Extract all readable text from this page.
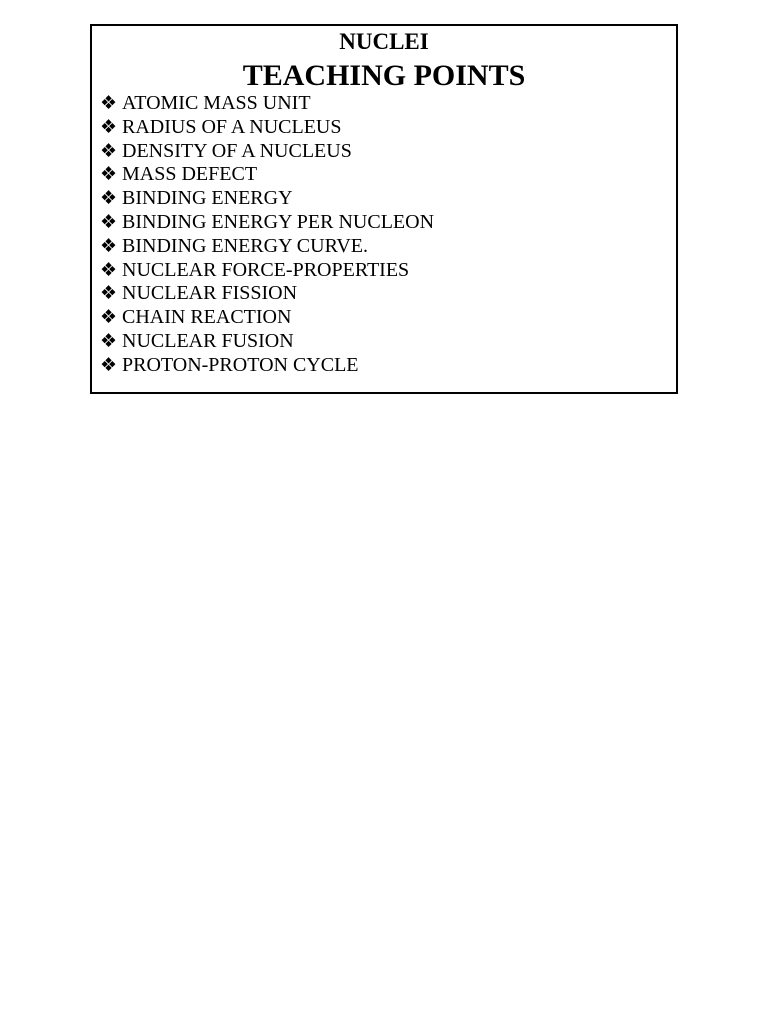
NUCLEI
TEACHING POINTS
❖ ATOMIC MASS UNIT
❖ RADIUS OF A NUCLEUS
❖ DENSITY OF A NUCLEUS
❖ MASS DEFECT
❖ BINDING ENERGY
❖ BINDING ENERGY PER NUCLEON
❖ BINDING ENERGY CURVE.
❖ NUCLEAR FORCE-PROPERTIES
❖ NUCLEAR FISSION
❖ CHAIN REACTION
❖ NUCLEAR FUSION
❖ PROTON-PROTON CYCLE
